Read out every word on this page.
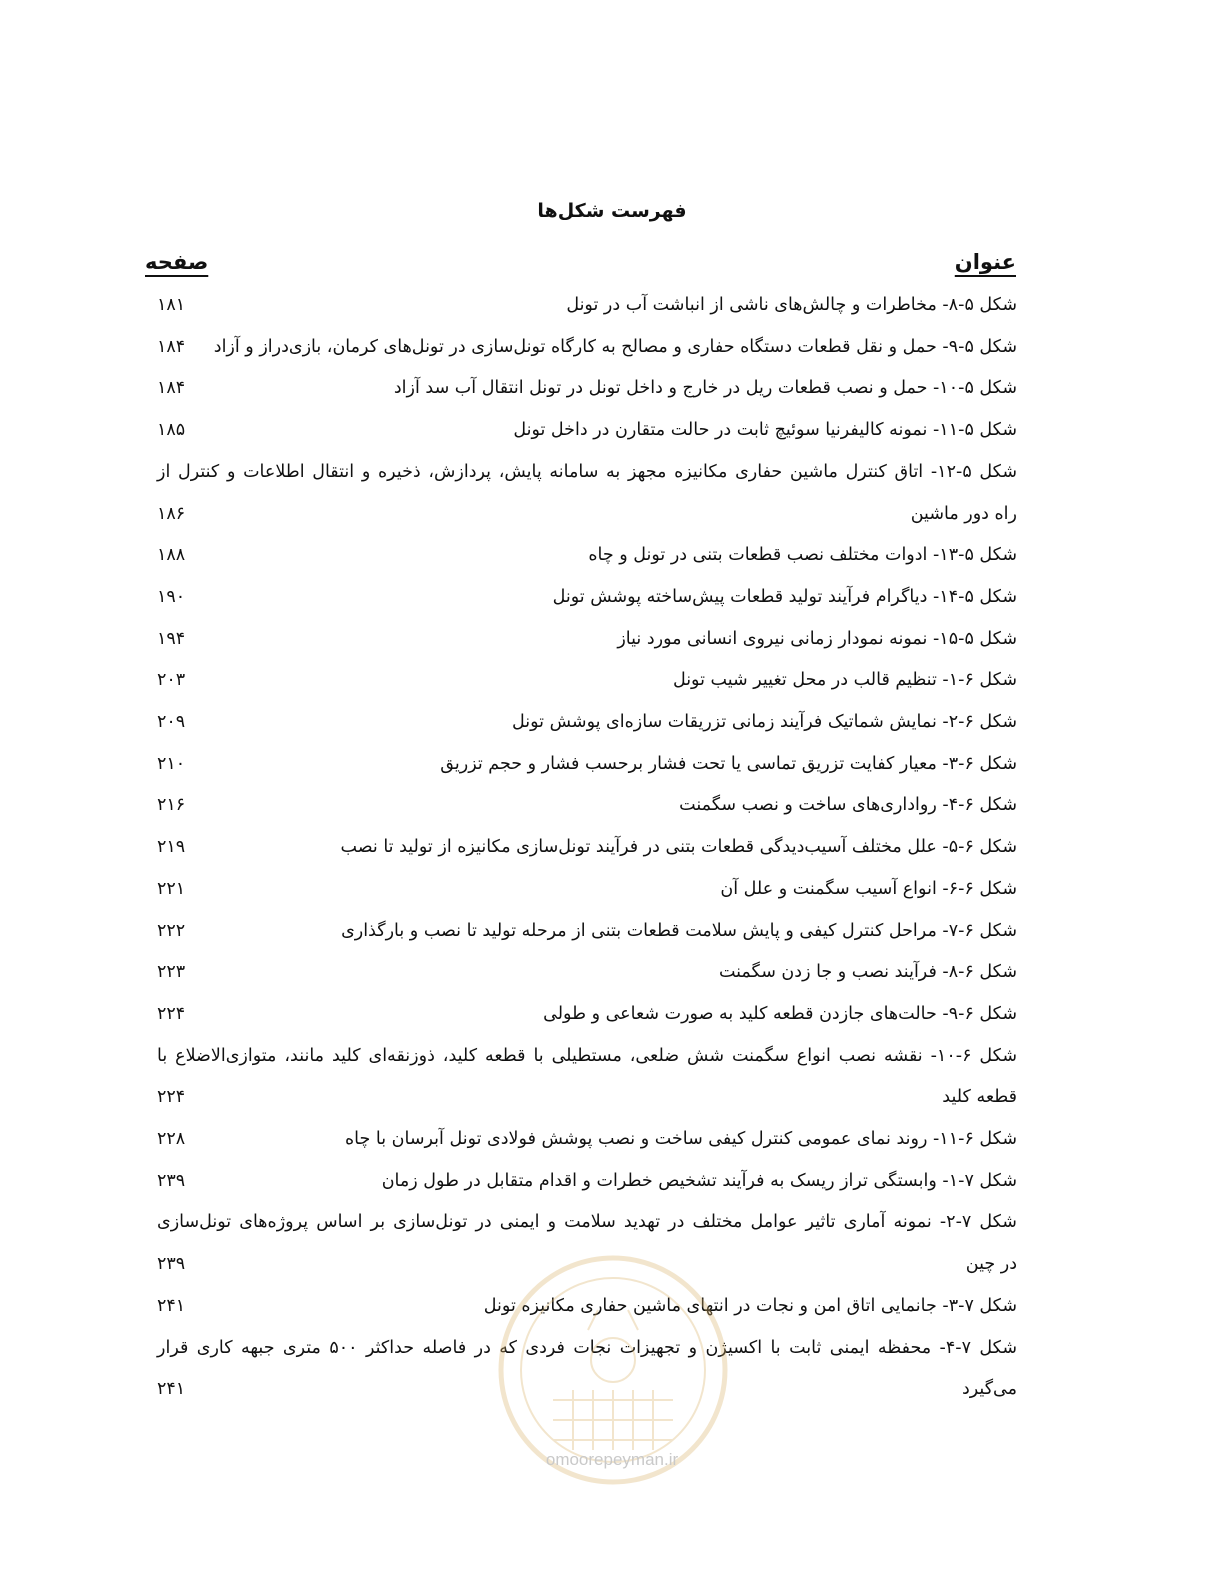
فهرست شکل‌ها
عنوان
صفحه
شکل ۵-۸- مخاطرات و چالش‌های ناشی از انباشت آب در تونل
۱۸۱
شکل ۵-۹- حمل و نقل قطعات دستگاه حفاری و مصالح به کارگاه تونل‌سازی در تونل‌های کرمان، بازی‌دراز و آزاد
۱۸۴
شکل ۵-۱۰- حمل و نصب قطعات ریل در خارج و داخل تونل در تونل انتقال آب سد آزاد
۱۸۴
شکل ۵-۱۱- نمونه کالیفرنیا سوئیچ ثابت در حالت متقارن در داخل تونل
۱۸۵
شکل ۵-۱۲- اتاق کنترل ماشین حفاری مکانیزه مجهز به سامانه پایش، پردازش، ذخیره و انتقال اطلاعات و کنترل از
راه دور ماشین
۱۸۶
شکل ۵-۱۳- ادوات مختلف نصب قطعات بتنی در تونل و چاه
۱۸۸
شکل ۵-۱۴- دیاگرام فرآیند تولید قطعات پیش‌ساخته پوشش تونل
۱۹۰
شکل ۵-۱۵- نمونه نمودار زمانی نیروی انسانی مورد نیاز
۱۹۴
شکل ۶-۱- تنظیم قالب در محل تغییر شیب تونل
۲۰۳
شکل ۶-۲- نمایش شماتیک فرآیند زمانی تزریقات سازه‌ای پوشش تونل
۲۰۹
شکل ۶-۳- معیار کفایت تزریق تماسی یا تحت فشار برحسب فشار و حجم تزریق
۲۱۰
شکل ۶-۴- رواداری‌های ساخت و نصب سگمنت
۲۱۶
شکل ۶-۵- علل مختلف آسیب‌دیدگی قطعات بتنی در فرآیند تونل‌سازی مکانیزه از تولید تا نصب
۲۱۹
شکل ۶-۶- انواع آسیب سگمنت و علل آن
۲۲۱
شکل ۶-۷- مراحل کنترل کیفی و پایش سلامت قطعات بتنی از مرحله تولید تا نصب و بارگذاری
۲۲۲
شکل ۶-۸- فرآیند نصب و جا زدن سگمنت
۲۲۳
شکل ۶-۹- حالت‌های جازدن قطعه کلید به صورت شعاعی و طولی
۲۲۴
شکل ۶-۱۰- نقشه نصب انواع سگمنت شش ضلعی، مستطیلی با قطعه کلید، ذوزنقه‌ای کلید مانند، متوازی‌الاضلاع با
قطعه کلید
۲۲۴
شکل ۶-۱۱- روند نمای عمومی کنترل کیفی ساخت و نصب پوشش فولادی تونل آبرسان با چاه
۲۲۸
شکل ۷-۱- وابستگی تراز ریسک به فرآیند تشخیص خطرات و اقدام متقابل در طول زمان
۲۳۹
شکل ۷-۲- نمونه آماری تاثیر عوامل مختلف در تهدید سلامت و ایمنی در تونل‌سازی بر اساس پروژه‌های تونل‌سازی
در چین
۲۳۹
شکل ۷-۳- جانمایی اتاق امن و نجات در انتهای ماشین حفاری مکانیزه تونل
۲۴۱
شکل ۷-۴- محفظه ایمنی ثابت با اکسیژن و تجهیزات نجات فردی که در فاصله حداکثر ۵۰۰ متری جبهه کاری قرار
می‌گیرد
۲۴۱
omoorepeyman.ir
